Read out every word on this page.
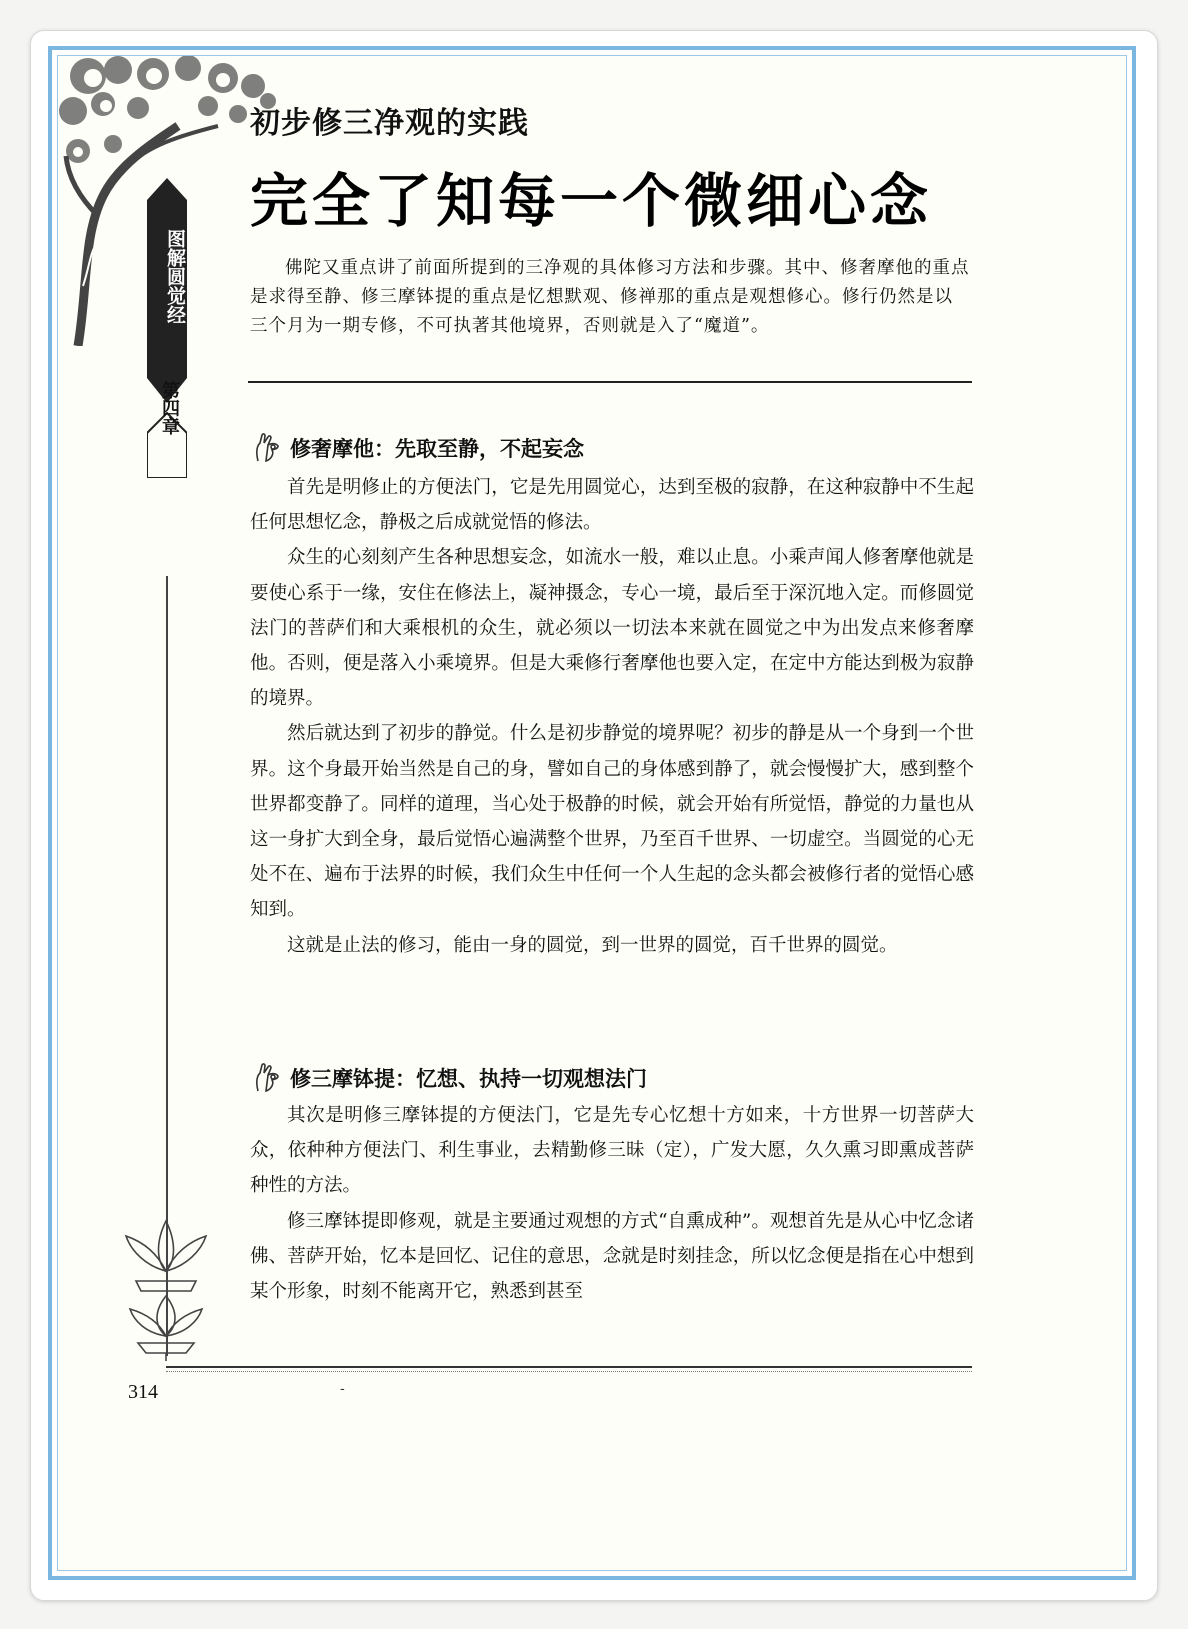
图解圆觉经
第四章
初步修三净观的实践
完全了知每一个微细心念

佛陀又重点讲了前面所提到的三净观的具体修习方法和步骤。其中、修奢摩他的重点是求得至静、修三摩钵提的重点是忆想默观、修禅那的重点是观想修心。修行仍然是以三个月为一期专修，不可执著其他境界，否则就是入了“魔道”。

修奢摩他：先取至静，不起妄念

首先是明修止的方便法门，它是先用圆觉心，达到至极的寂静，在这种寂静中不生起任何思想忆念，静极之后成就觉悟的修法。

众生的心刻刻产生各种思想妄念，如流水一般，难以止息。小乘声闻人修奢摩他就是要使心系于一缘，安住在修法上，凝神摄念，专心一境，最后至于深沉地入定。而修圆觉法门的菩萨们和大乘根机的众生，就必须以一切法本来就在圆觉之中为出发点来修奢摩他。否则，便是落入小乘境界。但是大乘修行奢摩他也要入定，在定中方能达到极为寂静的境界。

然后就达到了初步的静觉。什么是初步静觉的境界呢？初步的静是从一个身到一个世界。这个身最开始当然是自己的身，譬如自己的身体感到静了，就会慢慢扩大，感到整个世界都变静了。同样的道理，当心处于极静的时候，就会开始有所觉悟，静觉的力量也从这一身扩大到全身，最后觉悟心遍满整个世界，乃至百千世界、一切虚空。当圆觉的心无处不在、遍布于法界的时候，我们众生中任何一个人生起的念头都会被修行者的觉悟心感知到。

这就是止法的修习，能由一身的圆觉，到一世界的圆觉，百千世界的圆觉。

修三摩钵提：忆想、执持一切观想法门

其次是明修三摩钵提的方便法门，它是先专心忆想十方如来，十方世界一切菩萨大众，依种种方便法门、利生事业，去精勤修三昧（定），广发大愿，久久熏习即熏成菩萨种性的方法。

修三摩钵提即修观，就是主要通过观想的方式“自熏成种”。观想首先是从心中忆念诸佛、菩萨开始，忆本是回忆、记住的意思，念就是时刻挂念，所以忆念便是指在心中想到某个形象，时刻不能离开它，熟悉到甚至

314	-
